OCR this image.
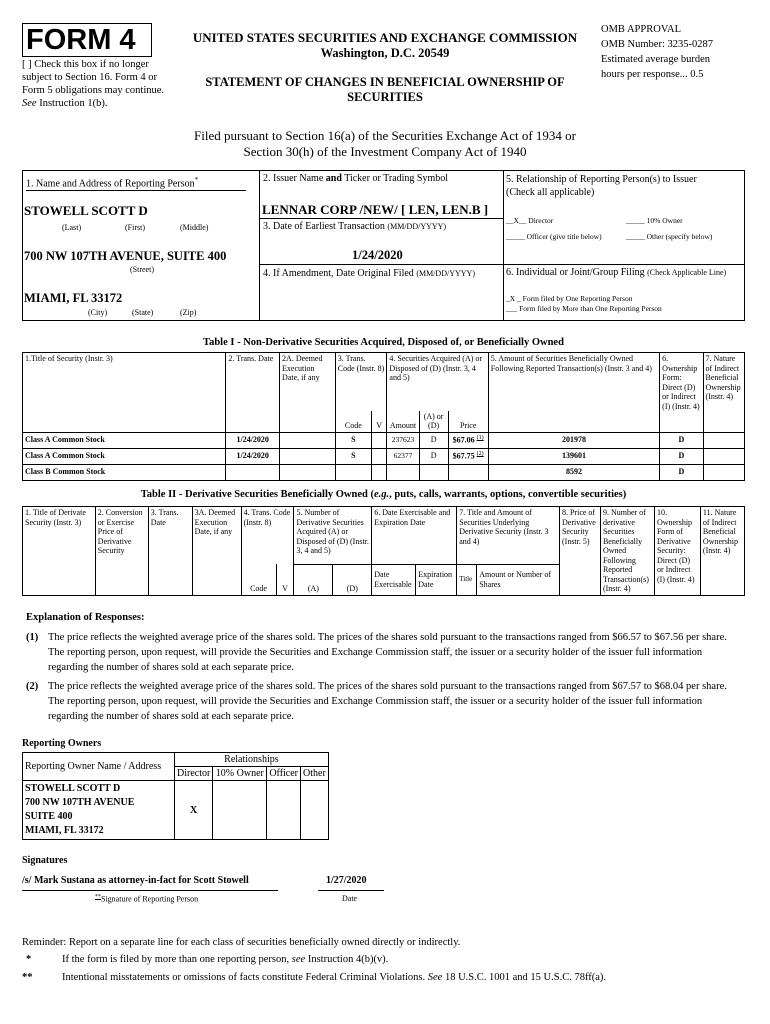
FORM 4
[ ] Check this box if no longer subject to Section 16. Form 4 or Form 5 obligations may continue. See Instruction 1(b).
UNITED STATES SECURITIES AND EXCHANGE COMMISSION
Washington, D.C. 20549
STATEMENT OF CHANGES IN BENEFICIAL OWNERSHIP OF SECURITIES
OMB APPROVAL
OMB Number: 3235-0287
Estimated average burden
hours per response... 0.5
Filed pursuant to Section 16(a) of the Securities Exchange Act of 1934 or
Section 30(h) of the Investment Company Act of 1940
1. Name and Address of Reporting Person*
STOWELL SCOTT D
(Last)	(First)	(Middle)
700 NW 107TH AVENUE, SUITE 400
(Street)
MIAMI, FL 33172
(City)	(State)	(Zip)
2. Issuer Name and Ticker or Trading Symbol
LENNAR CORP /NEW/ [ LEN, LEN.B ]
3. Date of Earliest Transaction (MM/DD/YYYY)
1/24/2020
4. If Amendment, Date Original Filed (MM/DD/YYYY)
5. Relationship of Reporting Person(s) to Issuer
(Check all applicable)
__X__ Director	_____ 10% Owner
_____ Officer (give title below)	_____ Other (specify below)
6. Individual or Joint/Group Filing (Check Applicable Line)
_X _ Form filed by One Reporting Person
___ Form filed by More than One Reporting Person
Table I - Non-Derivative Securities Acquired, Disposed of, or Beneficially Owned
1.Title of Security (Instr. 3)	2. Trans. Date	2A. Deemed Execution Date, if any	3. Trans. Code (Instr. 8)		4. Securities Acquired (A) or Disposed of (D) (Instr. 3, 4 and 5)			5. Amount of Securities Beneficially Owned Following Reported Transaction(s) (Instr. 3 and 4)	6. Ownership Form: Direct (D) or Indirect (I) (Instr. 4)	7. Nature of Indirect Beneficial Ownership (Instr. 4)
			Code	V	Amount	(A) or (D)	Price			
Class A Common Stock	1/24/2020		S		237623	D	$67.06 $^{(1)}$	201978	D	
Class A Common Stock	1/24/2020		S		62377	D	$67.75 $^{(2)}$	139601	D	
Class B Common Stock								8592	D	
Table II - Derivative Securities Beneficially Owned (e.g., puts, calls, warrants, options, convertible securities)
1. Title of Derivate Security (Instr. 3)	2. Conversion or Exercise Price of Derivative Security	3. Trans. Date	3A. Deemed Execution Date, if any	4. Trans. Code (Instr. 8)		5. Number of Derivative Securities Acquired (A) or Disposed of (D) (Instr. 3, 4 and 5)		6. Date Exercisable and Expiration Date		7. Title and Amount of Securities Underlying Derivative Security (Instr. 3 and 4)		8. Price of Derivative Security (Instr. 5)	9. Number of derivative Securities Beneficially Owned Following Reported Transaction(s) (Instr. 4)	10. Ownership Form of Derivative Security: Direct (D) or Indirect (I) (Instr. 4)	11. Nature of Indirect Beneficial Ownership (Instr. 4)
				Code	V	(A)	(D)	Date Exercisable	Expiration Date	Title	Amount or Number of Shares				
Explanation of Responses:
(1) The price reflects the weighted average price of the shares sold. The prices of the shares sold pursuant to the transactions ranged from $66.57 to $67.56 per share. The reporting person, upon request, will provide the Securities and Exchange Commission staff, the issuer or a security holder of the issuer full information regarding the number of shares sold at each separate price.
(2) The price reflects the weighted average price of the shares sold. The prices of the shares sold pursuant to the transactions ranged from $67.57 to $68.04 per share. The reporting person, upon request, will provide the Securities and Exchange Commission staff, the issuer or a security holder of the issuer full information regarding the number of shares sold at each separate price.
Reporting Owners
Reporting Owner Name / Address	Relationships			
	Director	10% Owner	Officer	Other

STOWELL SCOTT D
700 NW 107TH AVENUE
SUITE 400
MIAMI, FL 33172	X			
Signatures
/s/ Mark Sustana as attorney-in-fact for Scott Stowell	1/27/2020
**Signature of Reporting Person	Date
Reminder: Report on a separate line for each class of securities beneficially owned directly or indirectly.
*	If the form is filed by more than one reporting person, see Instruction 4(b)(v).
**	Intentional misstatements or omissions of facts constitute Federal Criminal Violations. See 18 U.S.C. 1001 and 15 U.S.C. 78ff(a).
